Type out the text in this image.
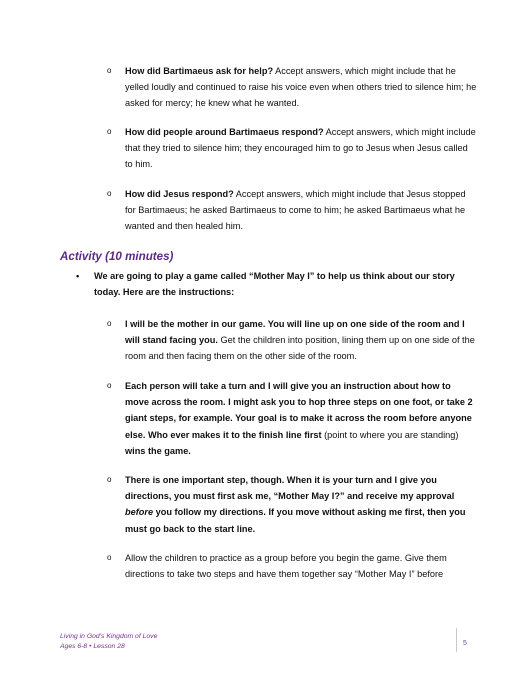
o How did Bartimaeus ask for help? Accept answers, which might include that he yelled loudly and continued to raise his voice even when others tried to silence him; he asked for mercy; he knew what he wanted.
o How did people around Bartimaeus respond? Accept answers, which might include that they tried to silence him; they encouraged him to go to Jesus when Jesus called to him.
o How did Jesus respond? Accept answers, which might include that Jesus stopped for Bartimaeus; he asked Bartimaeus to come to him; he asked Bartimaeus what he wanted and then healed him.
Activity (10 minutes)
• We are going to play a game called “Mother May I” to help us think about our story today. Here are the instructions:
o I will be the mother in our game. You will line up on one side of the room and I will stand facing you. Get the children into position, lining them up on one side of the room and then facing them on the other side of the room.
o Each person will take a turn and I will give you an instruction about how to move across the room. I might ask you to hop three steps on one foot, or take 2 giant steps, for example. Your goal is to make it across the room before anyone else. Who ever makes it to the finish line first (point to where you are standing) wins the game.
o There is one important step, though. When it is your turn and I give you directions, you must first ask me, “Mother May I?” and receive my approval before you follow my directions. If you move without asking me first, then you must go back to the start line.
o Allow the children to practice as a group before you begin the game. Give them directions to take two steps and have them together say “Mother May I” before
Living in God’s Kingdom of Love
Ages 6-8 • Lesson 28	5
